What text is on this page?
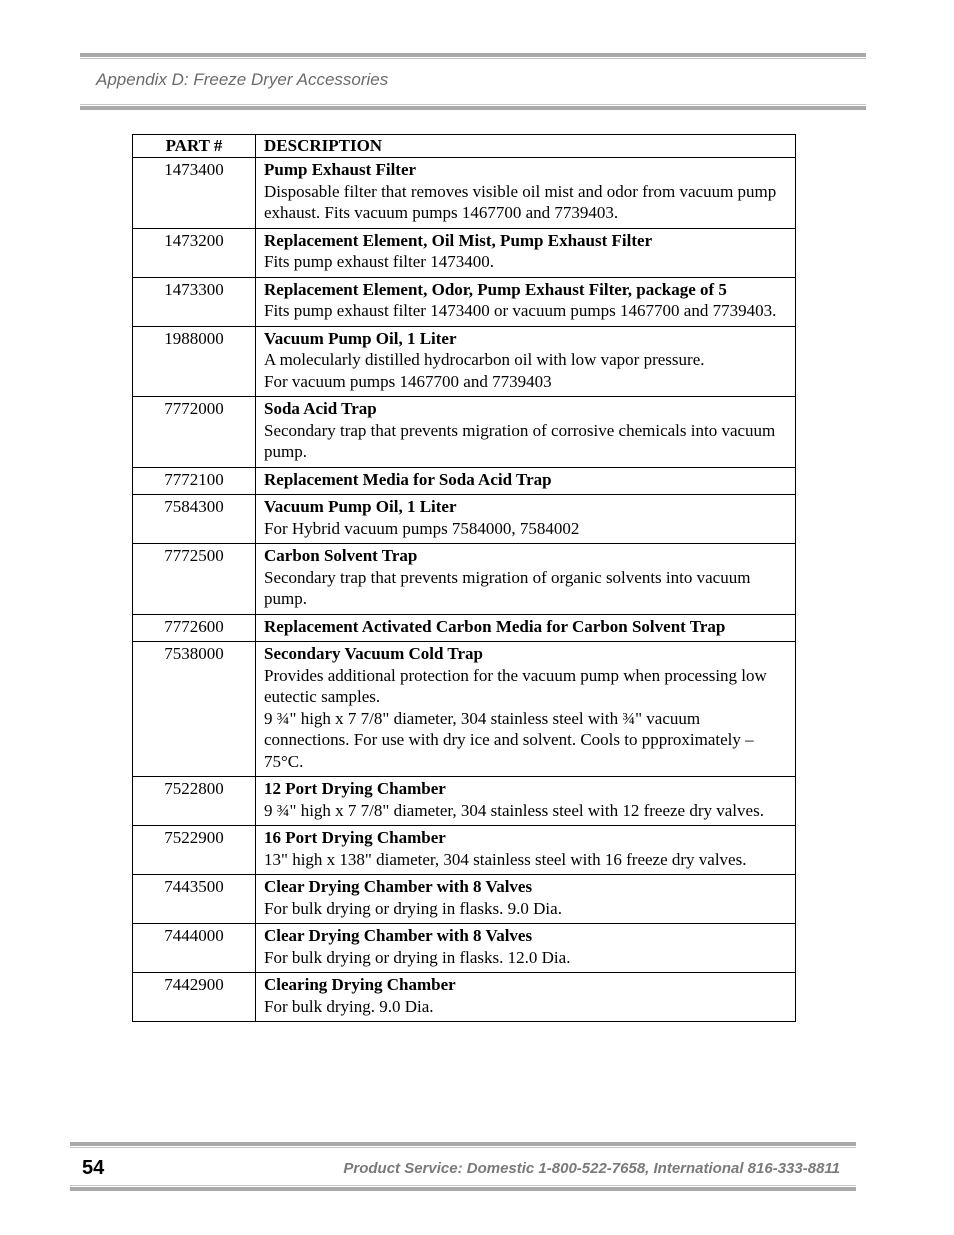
Appendix D: Freeze Dryer Accessories
PART #	DESCRIPTION
1473400	Pump Exhaust Filter
Disposable filter that removes visible oil mist and odor from vacuum pump exhaust. Fits vacuum pumps 1467700 and 7739403.

1473200	Replacement Element, Oil Mist, Pump Exhaust Filter
Fits pump exhaust filter 1473400.

1473300	Replacement Element, Odor, Pump Exhaust Filter, package of 5
Fits pump exhaust filter 1473400 or vacuum pumps 1467700 and 7739403.

1988000	Vacuum Pump Oil, 1 Liter
A molecularly distilled hydrocarbon oil with low vapor pressure.
For vacuum pumps 1467700 and 7739403

7772000	Soda Acid Trap
Secondary trap that prevents migration of corrosive chemicals into vacuum pump.

7772100	Replacement Media for Soda Acid Trap

7584300	Vacuum Pump Oil, 1 Liter
For Hybrid vacuum pumps 7584000, 7584002

7772500	Carbon Solvent Trap
Secondary trap that prevents migration of organic solvents into vacuum pump.

7772600	Replacement Activated Carbon Media for Carbon Solvent Trap

7538000	Secondary Vacuum Cold Trap
Provides additional protection for the vacuum pump when processing low eutectic samples.
9 ¾" high x 7 7/8" diameter, 304 stainless steel with ¾" vacuum connections. For use with dry ice and solvent. Cools to ppproximately –75°C.

7522800	12 Port Drying Chamber
9 ¾" high x 7 7/8" diameter, 304 stainless steel with 12 freeze dry valves.

7522900	16 Port Drying Chamber
13" high x 138" diameter, 304 stainless steel with 16 freeze dry valves.

7443500	Clear Drying Chamber with 8 Valves
For bulk drying or drying in flasks. 9.0 Dia.

7444000	Clear Drying Chamber with 8 Valves
For bulk drying or drying in flasks. 12.0 Dia.

7442900	Clearing Drying Chamber
For bulk drying. 9.0 Dia.
54	Product Service: Domestic 1-800-522-7658, International 816-333-8811
